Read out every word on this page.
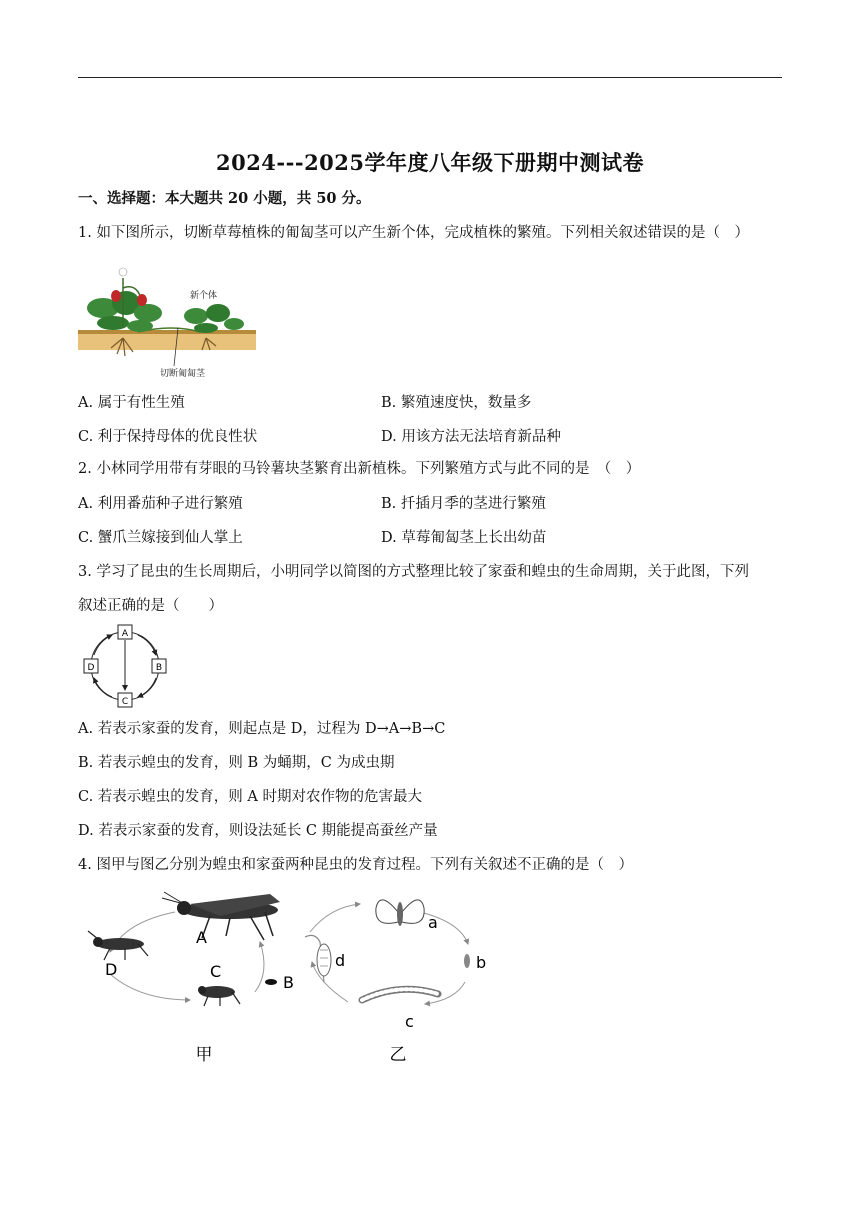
2024---2025学年度八年级下册期中测试卷
一、选择题：本大题共 20 小题，共 50 分。
1. 如下图所示，切断草莓植株的匍匐茎可以产生新个体，完成植株的繁殖。下列相关叙述错误的是（　）
新个体
切断匍匐茎
A. 属于有性生殖	B. 繁殖速度快，数量多
C. 利于保持母体的优良性状	D. 用该方法无法培育新品种
2. 小林同学用带有芽眼的马铃薯块茎繁育出新植株。下列繁殖方式与此不同的是　（　）
A. 利用番茄种子进行繁殖	B. 扦插月季的茎进行繁殖
C. 蟹爪兰嫁接到仙人掌上	D. 草莓匍匐茎上长出幼苗
3. 学习了昆虫的生长周期后，小明同学以简图的方式整理比较了家蚕和蝗虫的生命周期，关于此图，下列
叙述正确的是（　　）
A
B
C
D
A. 若表示家蚕的发育，则起点是 D，过程为 D→A→B→C
B. 若表示蝗虫的发育，则 B 为蛹期，C 为成虫期
C. 若表示蝗虫的发育，则 A 时期对农作物的危害最大
D. 若表示家蚕的发育，则设法延长 C 期能提高蚕丝产量
4. 图甲与图乙分别为蝗虫和家蚕两种昆虫的发育过程。下列有关叙述不正确的是（　）
A
B
C
D
甲
a
b
c
d
乙
